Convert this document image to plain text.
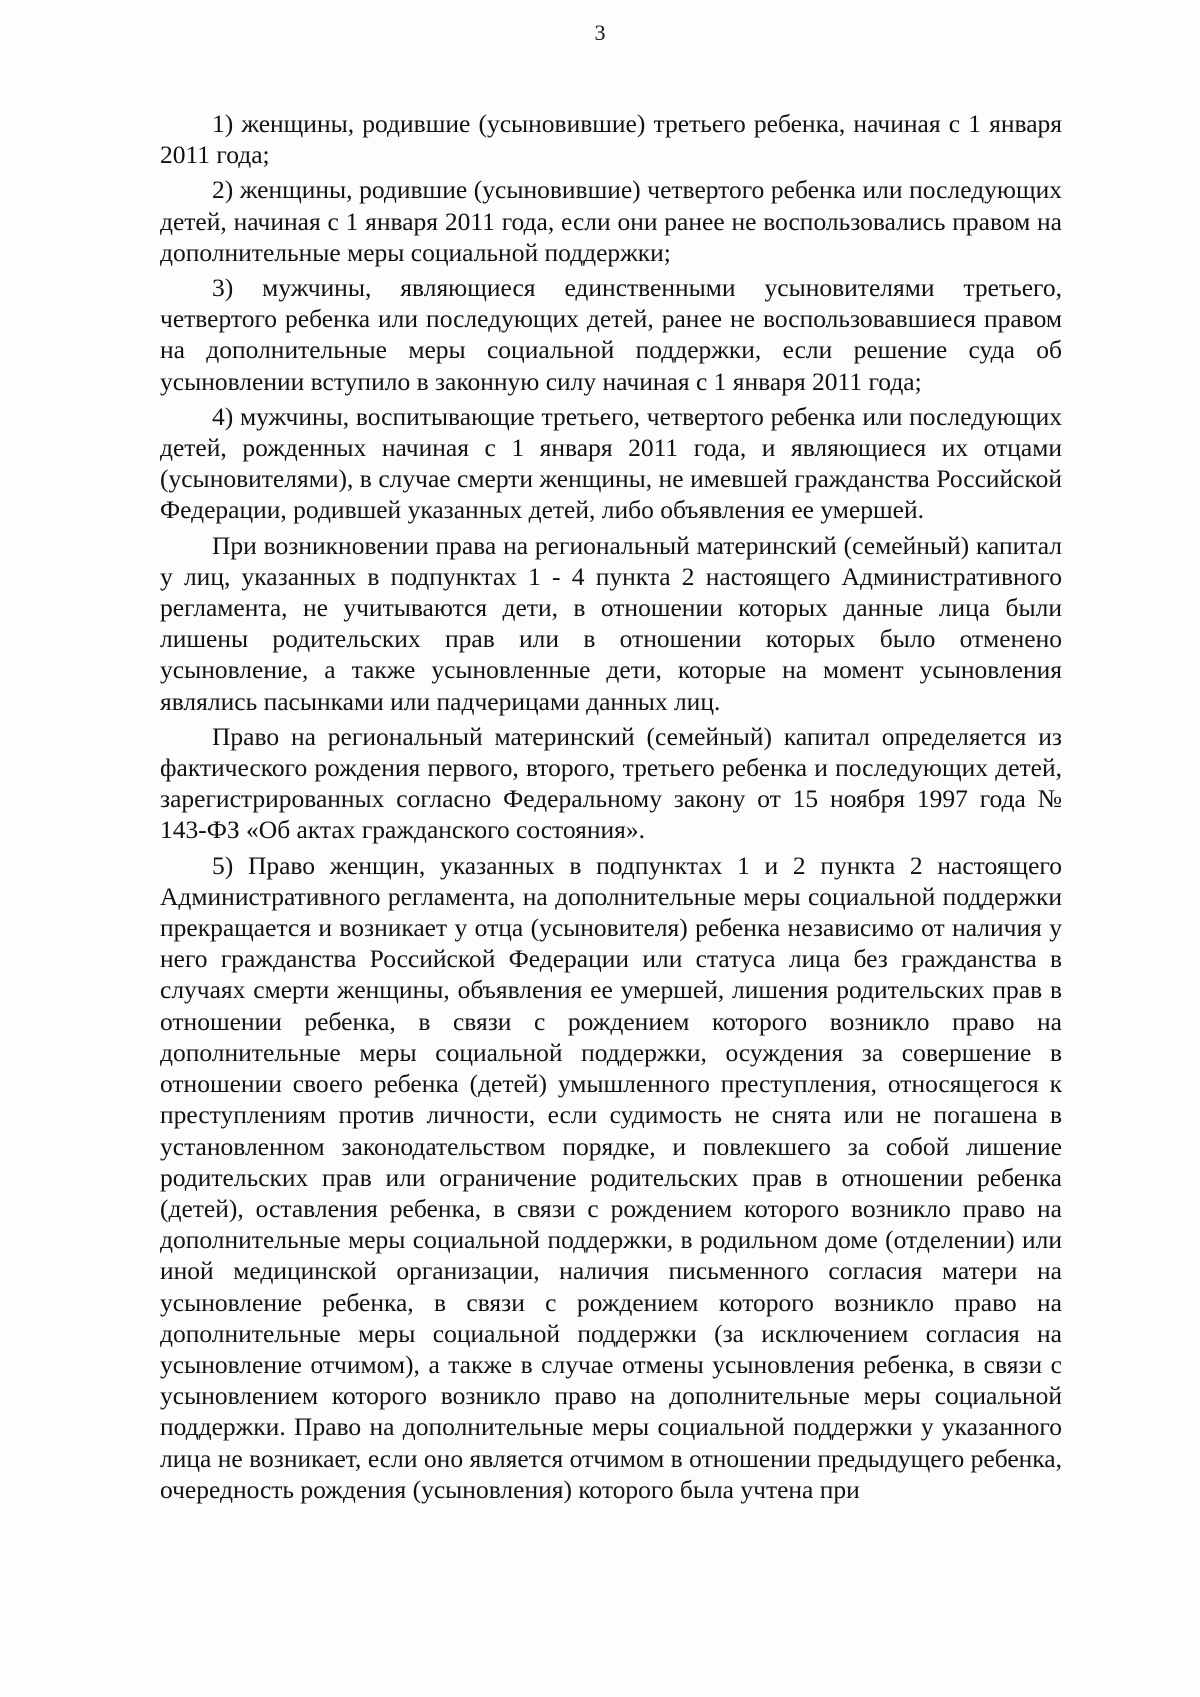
3

1) женщины, родившие (усыновившие) третьего ребенка, начиная с 1 января 2011 года;

2) женщины, родившие (усыновившие) четвертого ребенка или последующих детей, начиная с 1 января 2011 года, если они ранее не воспользовались правом на дополнительные меры социальной поддержки;

3) мужчины, являющиеся единственными усыновителями третьего, четвертого ребенка или последующих детей, ранее не воспользовавшиеся правом на дополнительные меры социальной поддержки, если решение суда об усыновлении вступило в законную силу начиная с 1 января 2011 года;

4) мужчины, воспитывающие третьего, четвертого ребенка или последующих детей, рожденных начиная с 1 января 2011 года, и являющиеся их отцами (усыновителями), в случае смерти женщины, не имевшей гражданства Российской Федерации, родившей указанных детей, либо объявления ее умершей.

При возникновении права на региональный материнский (семейный) капитал у лиц, указанных в подпунктах 1 - 4 пункта 2 настоящего Административного регламента, не учитываются дети, в отношении которых данные лица были лишены родительских прав или в отношении которых было отменено усыновление, а также усыновленные дети, которые на момент усыновления являлись пасынками или падчерицами данных лиц.

Право на региональный материнский (семейный) капитал определяется из фактического рождения первого, второго, третьего ребенка и последующих детей, зарегистрированных согласно Федеральному закону от 15 ноября 1997 года № 143-ФЗ «Об актах гражданского состояния».

5) Право женщин, указанных в подпунктах 1 и 2 пункта 2 настоящего Административного регламента, на дополнительные меры социальной поддержки прекращается и возникает у отца (усыновителя) ребенка независимо от наличия у него гражданства Российской Федерации или статуса лица без гражданства в случаях смерти женщины, объявления ее умершей, лишения родительских прав в отношении ребенка, в связи с рождением которого возникло право на дополнительные меры социальной поддержки, осуждения за совершение в отношении своего ребенка (детей) умышленного преступления, относящегося к преступлениям против личности, если судимость не снята или не погашена в установленном законодательством порядке, и повлекшего за собой лишение родительских прав или ограничение родительских прав в отношении ребенка (детей), оставления ребенка, в связи с рождением которого возникло право на дополнительные меры социальной поддержки, в родильном доме (отделении) или иной медицинской организации, наличия письменного согласия матери на усыновление ребенка, в связи с рождением которого возникло право на дополнительные меры социальной поддержки (за исключением согласия на усыновление отчимом), а также в случае отмены усыновления ребенка, в связи с усыновлением которого возникло право на дополнительные меры социальной поддержки. Право на дополнительные меры социальной поддержки у указанного лица не возникает, если оно является отчимом в отношении предыдущего ребенка, очередность рождения (усыновления) которого была учтена при
